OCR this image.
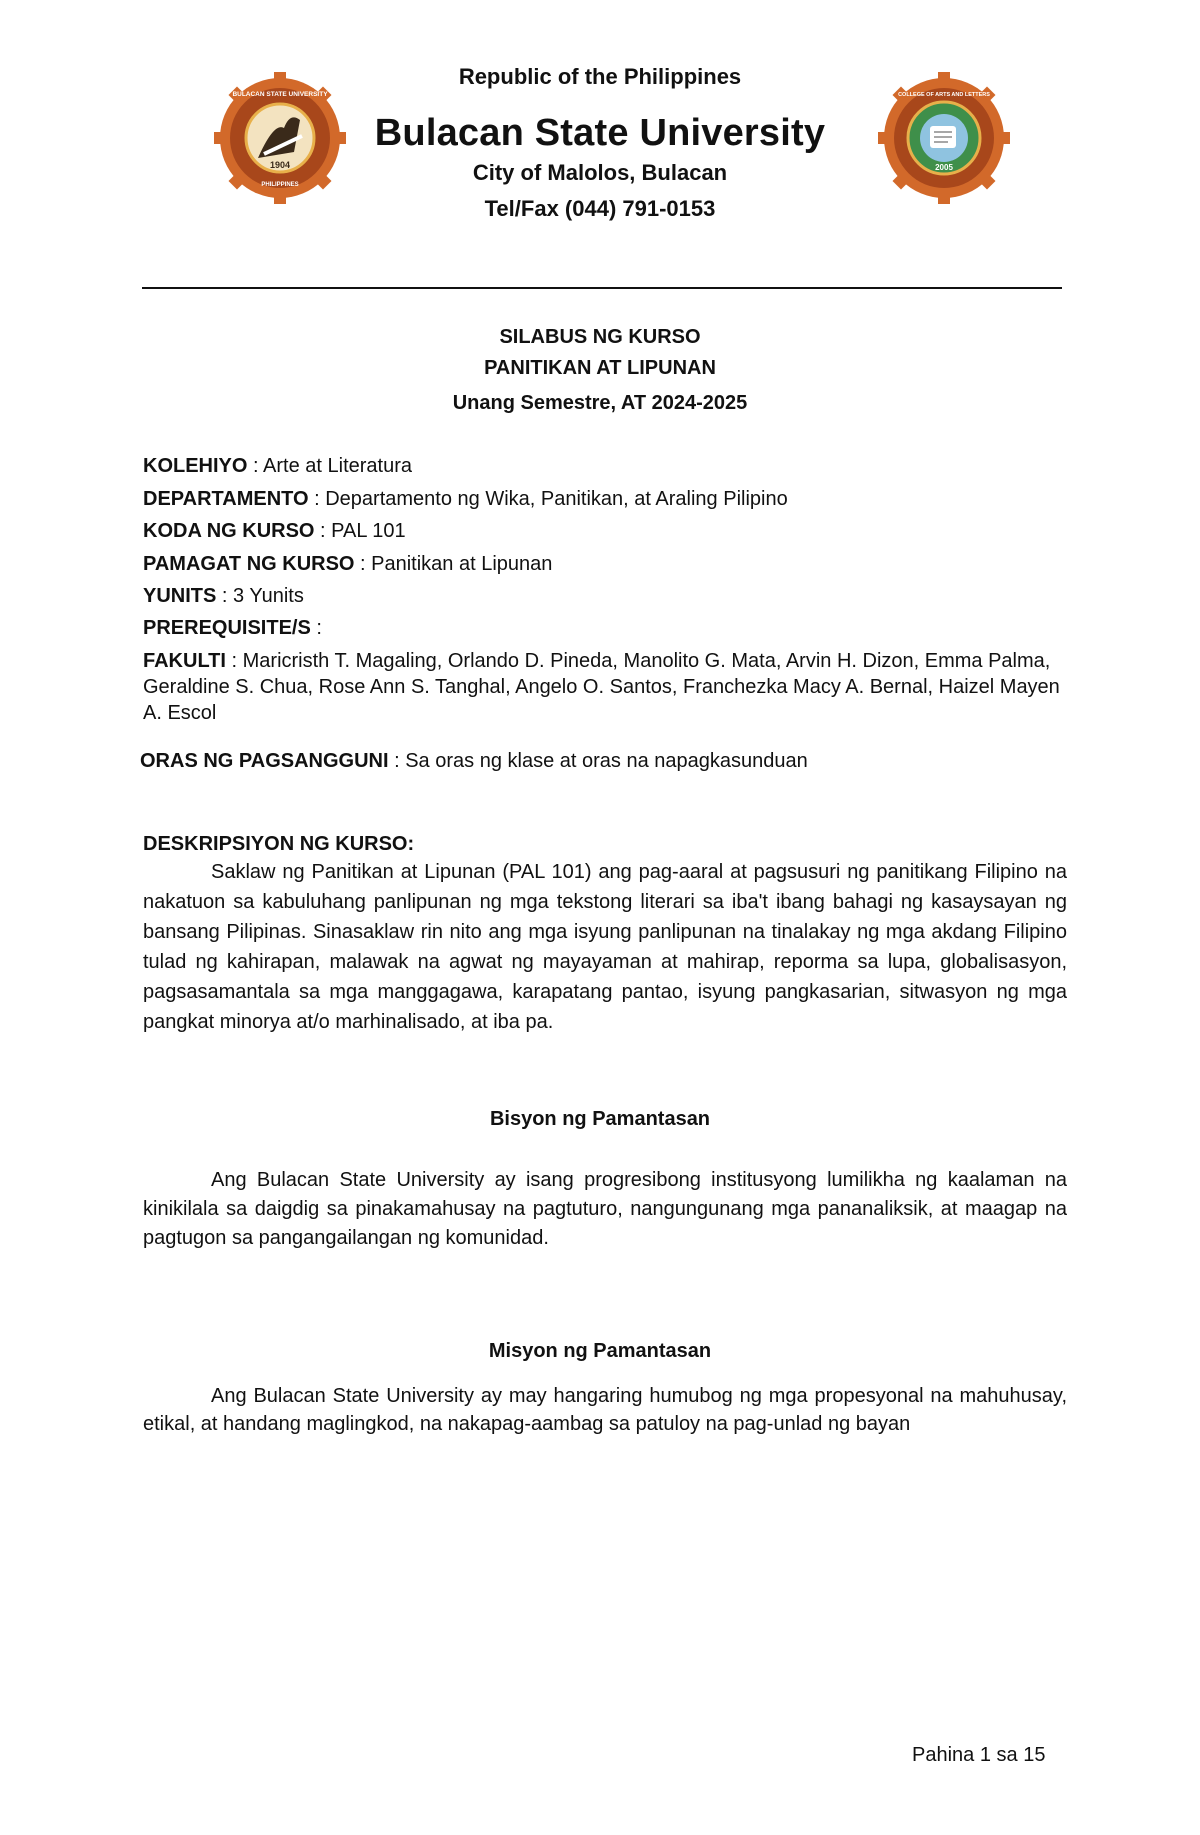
1904
BULACAN STATE UNIVERSITY
PHILIPPINES
COLLEGE OF ARTS AND LETTERS
2005
Republic of the Philippines
Bulacan State University
City of Malolos, Bulacan
Tel/Fax (044) 791-0153
SILABUS NG KURSO
PANITIKAN AT LIPUNAN
Unang Semestre, AT 2024-2025
KOLEHIYO : Arte at Literatura
DEPARTAMENTO : Departamento ng Wika, Panitikan, at Araling Pilipino
KODA NG KURSO : PAL 101
PAMAGAT NG KURSO : Panitikan at Lipunan
YUNITS : 3 Yunits
PREREQUISITE/S :
FAKULTI : Maricristh T. Magaling, Orlando D. Pineda, Manolito G. Mata, Arvin H. Dizon, Emma Palma, Geraldine S. Chua, Rose Ann S. Tanghal, Angelo O. Santos, Franchezka Macy A. Bernal, Haizel Mayen A. Escol
ORAS NG PAGSANGGUNI : Sa oras ng klase at oras na napagkasunduan
DESKRIPSIYON NG KURSO:
Saklaw ng Panitikan at Lipunan (PAL 101) ang pag-aaral at pagsusuri ng panitikang Filipino na nakatuon sa kabuluhang panlipunan ng mga tekstong literari sa iba't ibang bahagi ng kasaysayan ng bansang Pilipinas. Sinasaklaw rin nito ang mga isyung panlipunan na tinalakay ng mga akdang Filipino tulad ng kahirapan, malawak na agwat ng mayayaman at mahirap, reporma sa lupa, globalisasyon, pagsasamantala sa mga manggagawa, karapatang pantao, isyung pangkasarian, sitwasyon ng mga pangkat minorya at/o marhinalisado, at iba pa.
Bisyon ng Pamantasan
Ang Bulacan State University ay isang progresibong institusyong lumilikha ng kaalaman na kinikilala sa daigdig sa pinakamahusay na pagtuturo, nangungunang mga pananaliksik, at maagap na pagtugon sa pangangailangan ng komunidad.
Misyon ng Pamantasan
Ang Bulacan State University ay may hangaring humubog ng mga propesyonal na mahuhusay, etikal, at handang maglingkod, na nakapag-aambag sa patuloy na pag-unlad ng bayan
Pahina 1 sa 15
